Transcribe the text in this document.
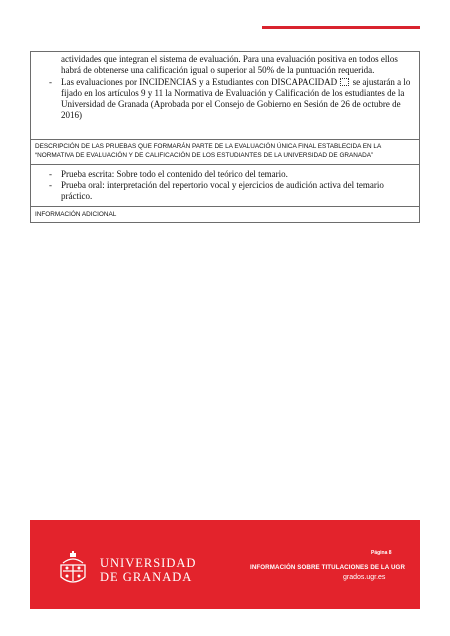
actividades que integran el sistema de evaluación. Para una evaluación positiva en todos ellos
habrá de obtenerse una calificación igual o superior al 50% de la puntuación requerida.
- Las evaluaciones por INCIDENCIAS y a Estudiantes con DISCAPACIDAD se ajustarán a lo
fijado en los artículos 9 y 11 la Normativa de Evaluación y Calificación de los estudiantes de la
Universidad de Granada (Aprobada por el Consejo de Gobierno en Sesión de 26 de octubre de
2016)
DESCRIPCIÓN DE LAS PRUEBAS QUE FORMARÁN PARTE DE LA EVALUACIÓN ÚNICA FINAL ESTABLECIDA EN LA
“NORMATIVA DE EVALUACIÓN Y DE CALIFICACIÓN DE LOS ESTUDIANTES DE LA UNIVERSIDAD DE GRANADA”
- Prueba escrita: Sobre todo el contenido del teórico del temario.
- Prueba oral: interpretación del repertorio vocal y ejercicios de audición activa del temario
práctico.
INFORMACIÓN ADICIONAL
UNIVERSIDAD
DE GRANADA
Página 8
INFORMACIÓN SOBRE TITULACIONES DE LA UGR
grados.ugr.es
